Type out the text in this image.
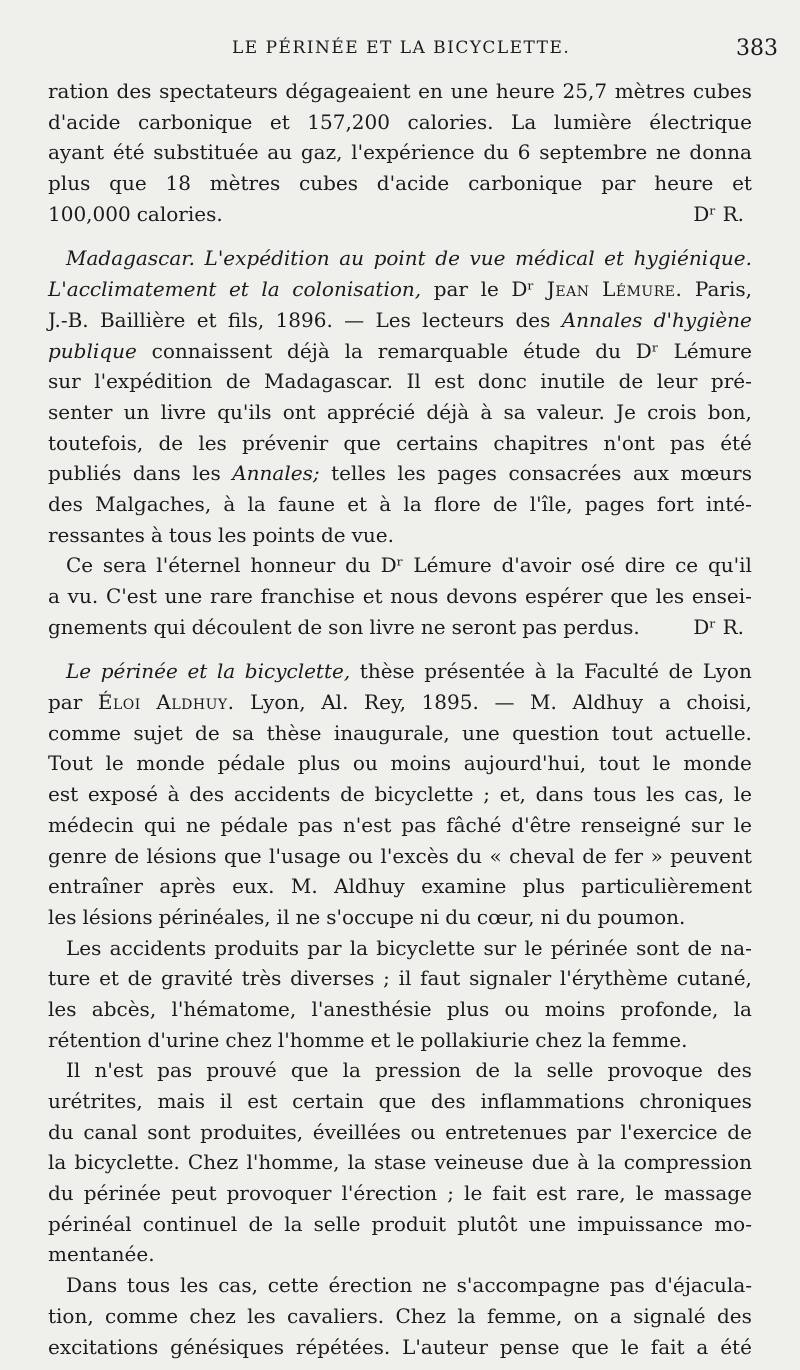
LE PÉRINÉE ET LA BICYCLETTE.	383
ration des spectateurs dégageaient en une heure 25,7 mètres cubes
d'acide carbonique et 157,200 calories. La lumière électrique
ayant été substituée au gaz, l'expérience du 6 septembre ne donna
plus que 18 mètres cubes d'acide carbonique par heure et
100,000 calories.	Dʳ R.
Madagascar. L'expédition au point de vue médical et hygiénique.
L'acclimatement et la colonisation, par le Dʳ Jean Lémure. Paris,
J.-B. Baillière et fils, 1896. — Les lecteurs des Annales d'hygiène
publique connaissent déjà la remarquable étude du Dʳ Lémure
sur l'expédition de Madagascar. Il est donc inutile de leur pré-
senter un livre qu'ils ont apprécié déjà à sa valeur. Je crois bon,
toutefois, de les prévenir que certains chapitres n'ont pas été
publiés dans les Annales; telles les pages consacrées aux mœurs
des Malgaches, à la faune et à la flore de l'île, pages fort inté-
ressantes à tous les points de vue.
Ce sera l'éternel honneur du Dʳ Lémure d'avoir osé dire ce qu'il
a vu. C'est une rare franchise et nous devons espérer que les ensei-
gnements qui découlent de son livre ne seront pas perdus.	Dʳ R.
Le périnée et la bicyclette, thèse présentée à la Faculté de Lyon
par Éloi Aldhuy. Lyon, Al. Rey, 1895. — M. Aldhuy a choisi,
comme sujet de sa thèse inaugurale, une question tout actuelle.
Tout le monde pédale plus ou moins aujourd'hui, tout le monde
est exposé à des accidents de bicyclette ; et, dans tous les cas, le
médecin qui ne pédale pas n'est pas fâché d'être renseigné sur le
genre de lésions que l'usage ou l'excès du « cheval de fer » peuvent
entraîner après eux. M. Aldhuy examine plus particulièrement
les lésions périnéales, il ne s'occupe ni du cœur, ni du poumon.
Les accidents produits par la bicyclette sur le périnée sont de na-
ture et de gravité très diverses ; il faut signaler l'érythème cutané,
les abcès, l'hématome, l'anesthésie plus ou moins profonde, la
rétention d'urine chez l'homme et le pollakiurie chez la femme.
Il n'est pas prouvé que la pression de la selle provoque des
urétrites, mais il est certain que des inflammations chroniques
du canal sont produites, éveillées ou entretenues par l'exercice de
la bicyclette. Chez l'homme, la stase veineuse due à la compression
du périnée peut provoquer l'érection ; le fait est rare, le massage
périnéal continuel de la selle produit plutôt une impuissance mo-
mentanée.
Dans tous les cas, cette érection ne s'accompagne pas d'éjacula-
tion, comme chez les cavaliers. Chez la femme, on a signalé des
excitations génésiques répétées. L'auteur pense que le fait a été
